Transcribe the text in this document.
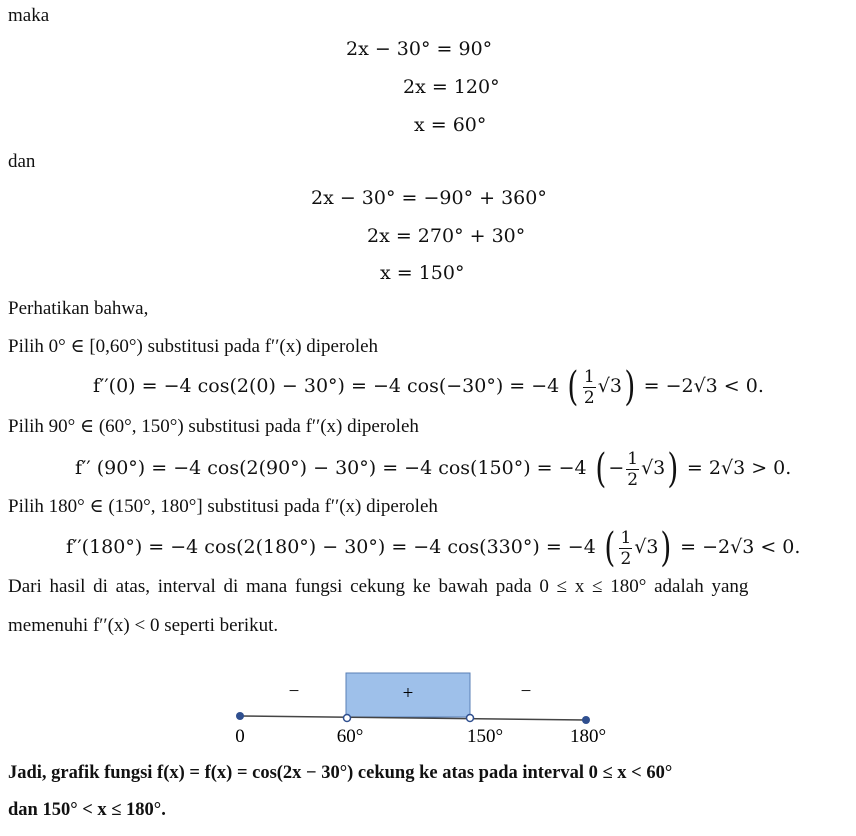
maka
2x − 30° = 90°
2x = 120°
x = 60°
dan
2x − 30° = −90° + 360°
2x = 270° + 30°
x = 150°
Perhatikan bahwa,
Pilih 0° ∈ [0,60°) substitusi pada f′′(x) diperoleh
f′′(0) = −4 cos(2(0) − 30°) = −4 cos(−30°) = −4 ( $\frac{1}{2} √3) = -2√3 < 0$.
Pilih 90° ∈ (60°, 150°) substitusi pada f′′(x) diperoleh
f′′ (90°) = −4 cos(2(90°) − 30°) = −4 cos(150°) = −4 ( − $\frac{1}{2} √3) = 2√3 > 0$.
Pilih 180° ∈ (150°, 180°] substitusi pada f′′(x) diperoleh
f′′(180°) = −4 cos(2(180°) − 30°) = −4 cos(330°) = −4 ( $\frac{1}{2} √3) = -2√3 < 0$.
Dari hasil di atas, interval di mana fungsi cekung ke bawah pada 0 ≤ x ≤ 180° adalah yang
memenuhi f′′(x) < 0 seperti berikut.
−	+	−
0	60°	150°	180°
Jadi, grafik fungsi f(x) = f(x) = cos(2x − 30°) cekung ke atas pada interval 0 ≤ x < 60°
dan 150° < x ≤ 180°.
